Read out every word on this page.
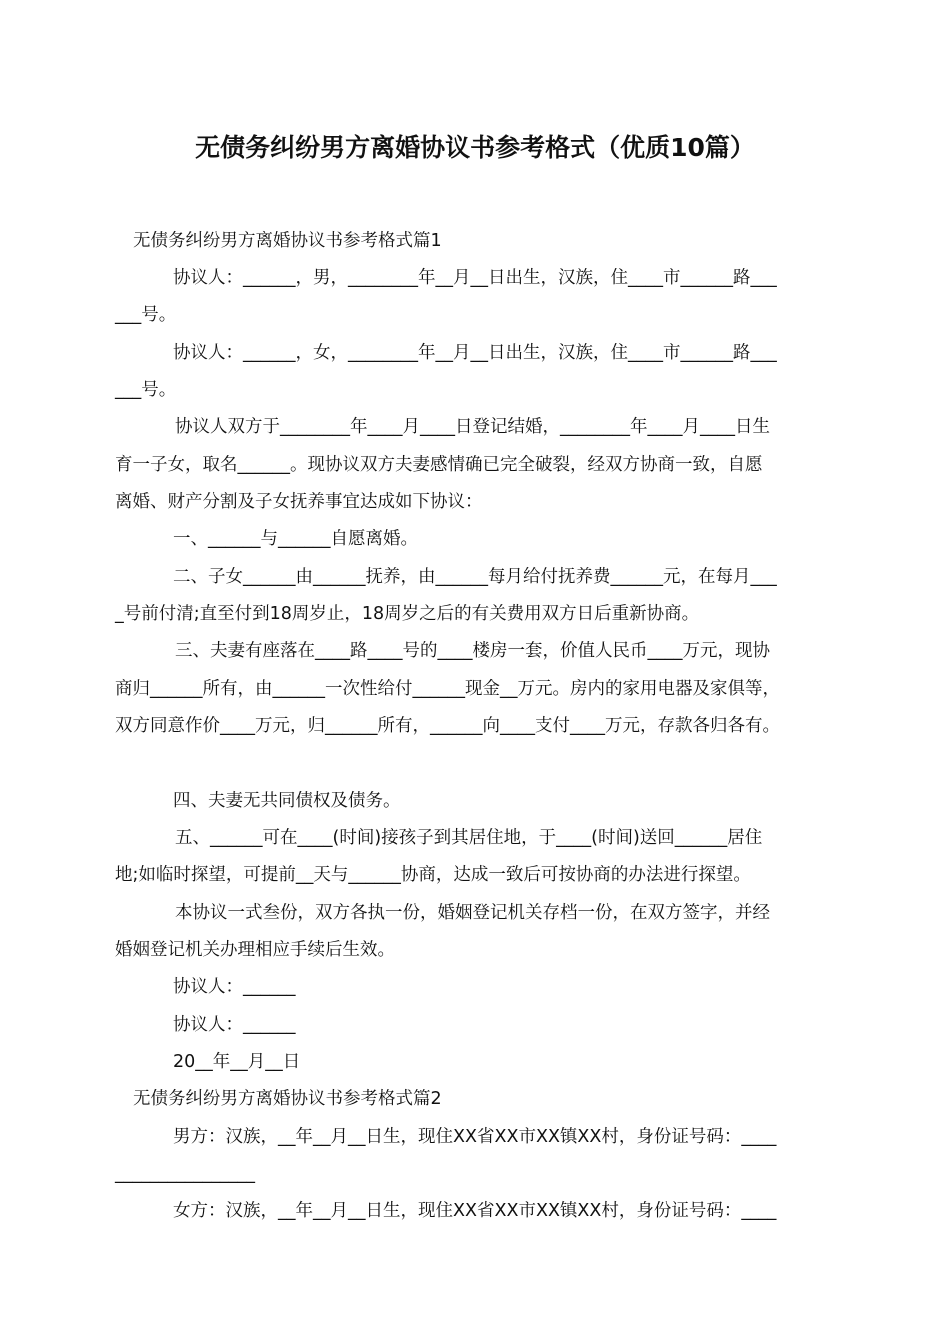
无债务纠纷男方离婚协议书参考格式（优质10篇）
无债务纠纷男方离婚协议书参考格式篇1
协议人：______，男，________年__月__日出生，汉族，住____市______路___
___号。
协议人：______，女，________年__月__日出生，汉族，住____市______路___
___号。
协议人双方于________年____月____日登记结婚，________年____月____日生
育一子女，取名______。现协议双方夫妻感情确已完全破裂，经双方协商一致，自愿
离婚、财产分割及子女抚养事宜达成如下协议：
一、______与______自愿离婚。
二、子女______由______抚养，由______每月给付抚养费______元，在每月___
_号前付清;直至付到18周岁止，18周岁之后的有关费用双方日后重新协商。
三、夫妻有座落在____路____号的____楼房一套，价值人民币____万元，现协
商归______所有，由______一次性给付______现金__万元。房内的家用电器及家俱等，
双方同意作价____万元，归______所有，______向____支付____万元，存款各归各有。
四、夫妻无共同债权及债务。
五、______可在____(时间)接孩子到其居住地，于____(时间)送回______居住
地;如临时探望，可提前__天与______协商，达成一致后可按协商的办法进行探望。
本协议一式叁份，双方各执一份，婚姻登记机关存档一份，在双方签字，并经
婚姻登记机关办理相应手续后生效。
协议人：______
协议人：______
20__年__月__日
无债务纠纷男方离婚协议书参考格式篇2
男方：汉族，__年__月__日生，现住XX省XX市XX镇XX村，身份证号码：____
________________
女方：汉族，__年__月__日生，现住XX省XX市XX镇XX村，身份证号码：____
